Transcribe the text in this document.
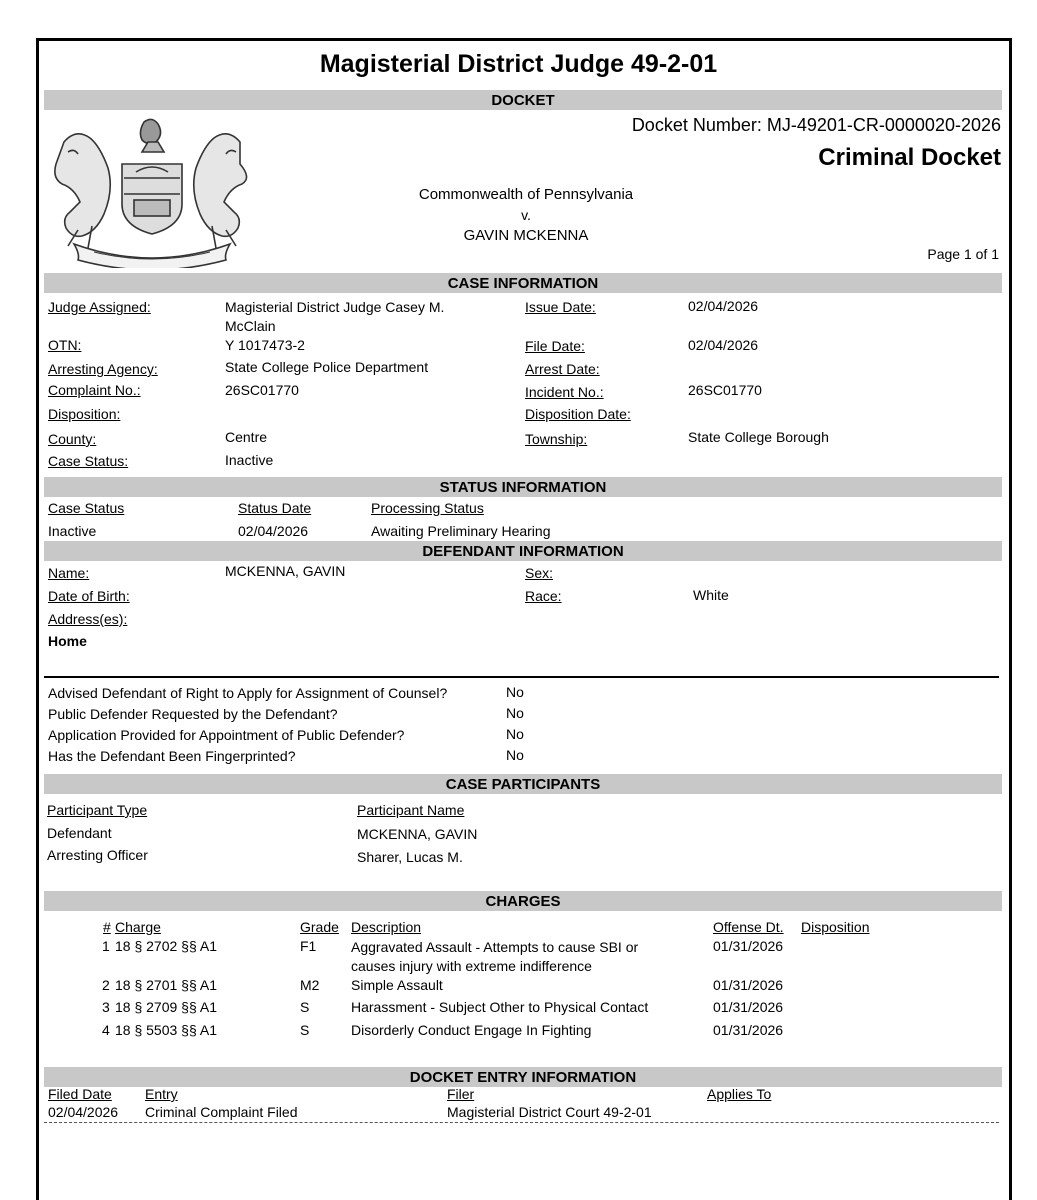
Magisterial District Judge 49-2-01
DOCKET
Docket Number: MJ-49201-CR-0000020-2026
Criminal Docket
Commonwealth of Pennsylvania
v.
GAVIN MCKENNA
Page 1 of 1
CASE INFORMATION
Judge Assigned:	Magisterial District Judge Casey M.
McClain
Issue Date:	02/04/2026
OTN:	Y 1017473-2	File Date:	02/04/2026
Arresting Agency:	State College Police Department	Arrest Date:
Complaint No.:	26SC01770	Incident No.:	26SC01770
Disposition:	Disposition Date:
County:	Centre	Township:	State College Borough
Case Status:	Inactive
STATUS INFORMATION
Case Status	Status Date	Processing Status
Inactive	02/04/2026	Awaiting Preliminary Hearing
DEFENDANT INFORMATION
Name:	MCKENNA, GAVIN	Sex:
Date of Birth:	Race:	White
Address(es):
Home
Advised Defendant of Right to Apply for Assignment of Counsel?	No
Public Defender Requested by the Defendant?	No
Application Provided for Appointment of Public Defender?	No
Has the Defendant Been Fingerprinted?	No
CASE PARTICIPANTS
Participant Type	Participant Name
Defendant	MCKENNA, GAVIN
Arresting Officer	Sharer, Lucas M.
CHARGES
# Charge	Grade Description	Offense Dt. Disposition
1 18 § 2702 §§ A1	F1 Aggravated Assault - Attempts to cause SBI or
causes injury with extreme indifference
01/31/2026
2 18 § 2701 §§ A1	M2 Simple Assault	01/31/2026
3 18 § 2709 §§ A1	S	Harassment - Subject Other to Physical Contact	01/31/2026
4 18 § 5503 §§ A1	S	Disorderly Conduct Engage In Fighting	01/31/2026
DOCKET ENTRY INFORMATION
Filed Date Entry	Filer	Applies To
02/04/2026 Criminal Complaint Filed	Magisterial District Court 49-2-01
